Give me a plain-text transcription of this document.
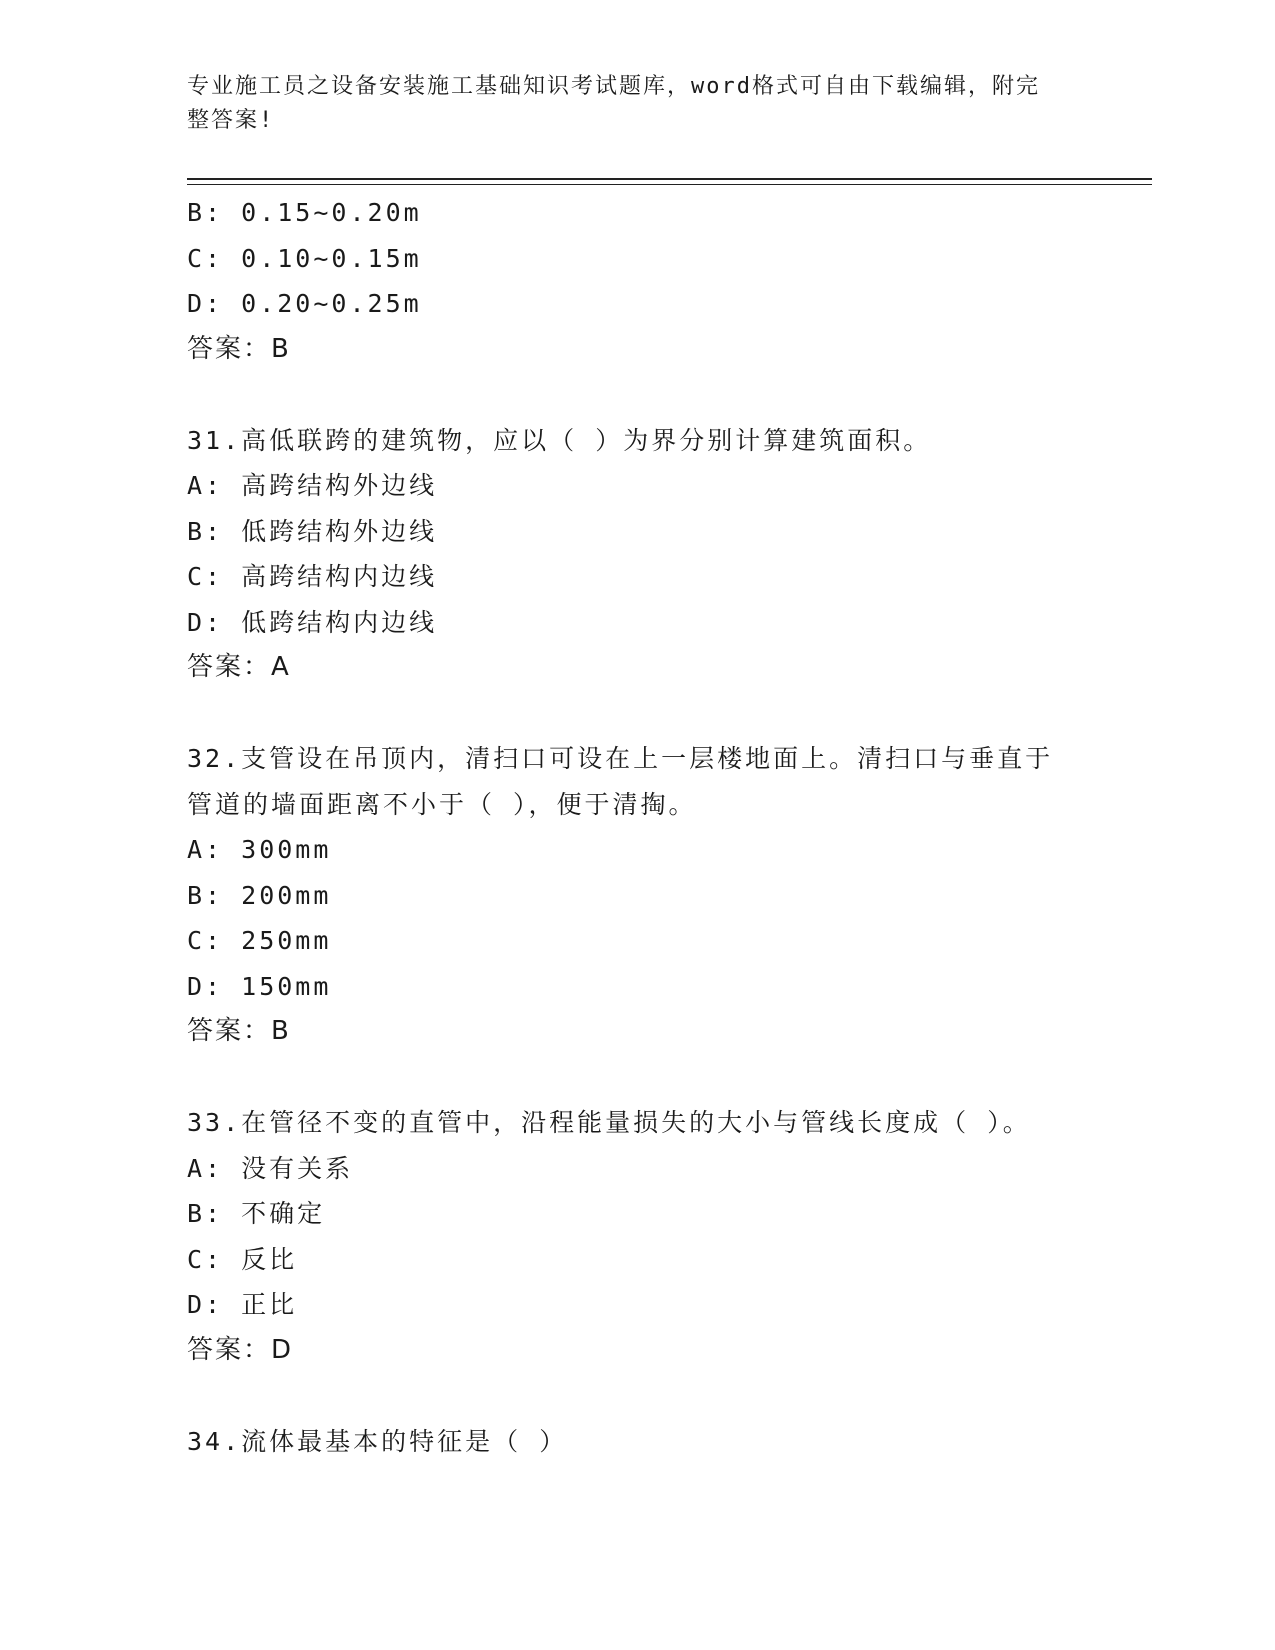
专业施工员之设备安装施工基础知识考试题库，word格式可自由下载编辑，附完
整答案!
B: 0.15~0.20m
C: 0.10~0.15m
D: 0.20~0.25m
答案：B
31.高低联跨的建筑物，应以（ ）为界分别计算建筑面积。
A: 高跨结构外边线
B: 低跨结构外边线
C: 高跨结构内边线
D: 低跨结构内边线
答案：A
32.支管设在吊顶内，清扫口可设在上一层楼地面上。清扫口与垂直于
管道的墙面距离不小于（ ），便于清掏。
A: 300mm
B: 200mm
C: 250mm
D: 150mm
答案：B
33.在管径不变的直管中，沿程能量损失的大小与管线长度成（ ）。
A: 没有关系
B: 不确定
C: 反比
D: 正比
答案：D
34.流体最基本的特征是（ ）
